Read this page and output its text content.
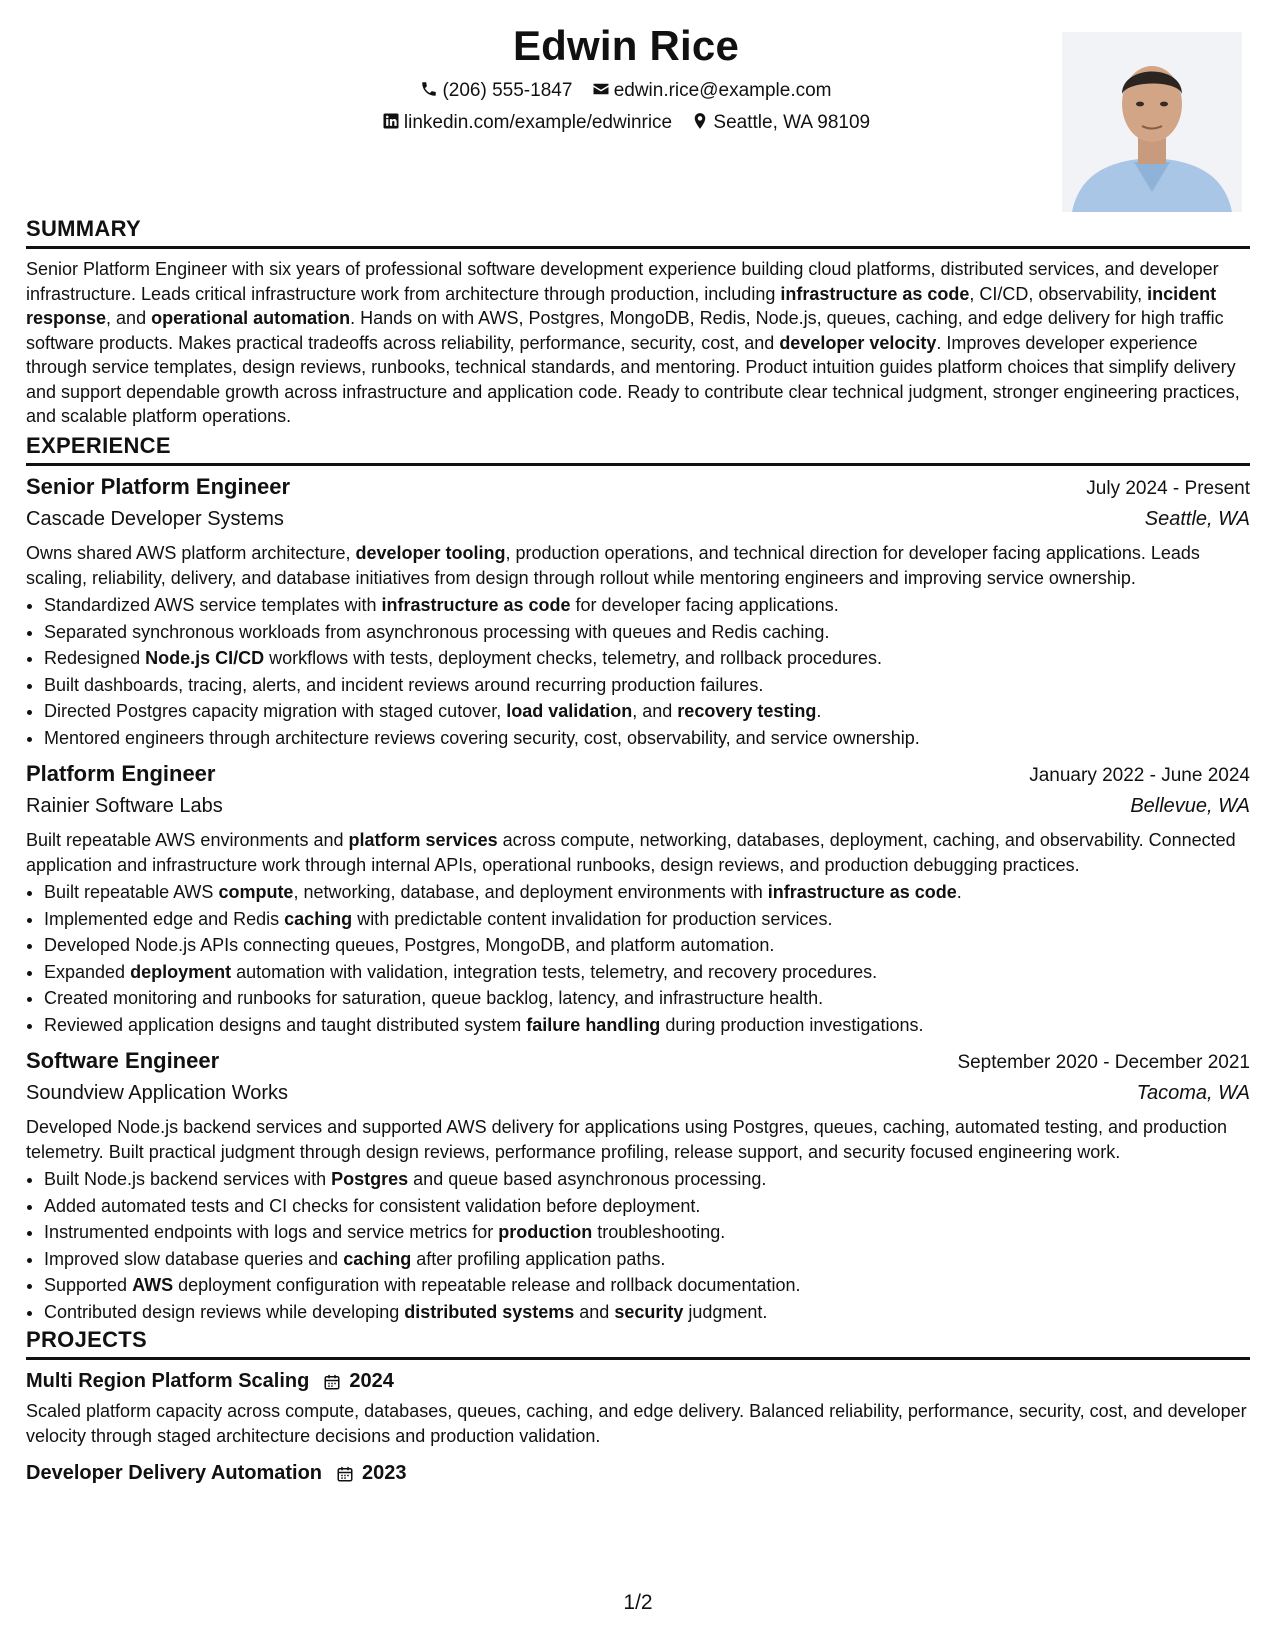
Edwin Rice
(206) 555-1847 edwin.rice@example.com
linkedin.com/example/edwinrice Seattle, WA 98109
SUMMARY

Senior Platform Engineer with six years of professional software development experience building cloud platforms, distributed services, and developer infrastructure. Leads critical infrastructure work from architecture through production, including infrastructure as code, CI/CD, observability, incident response, and operational automation. Hands on with AWS, Postgres, MongoDB, Redis, Node.js, queues, caching, and edge delivery for high traffic software products. Makes practical tradeoffs across reliability, performance, security, cost, and developer velocity. Improves developer experience through service templates, design reviews, runbooks, technical standards, and mentoring. Product intuition guides platform choices that simplify delivery and support dependable growth across infrastructure and application code. Ready to contribute clear technical judgment, stronger engineering practices, and scalable platform operations.

EXPERIENCE
Senior Platform Engineer	July 2024 - Present
Cascade Developer Systems	Seattle, WA

Owns shared AWS platform architecture, developer tooling, production operations, and technical direction for developer facing applications. Leads scaling, reliability, delivery, and database initiatives from design through rollout while mentoring engineers and improving service ownership.

• Standardized AWS service templates with infrastructure as code for developer facing applications.
• Separated synchronous workloads from asynchronous processing with queues and Redis caching.
• Redesigned Node.js CI/CD workflows with tests, deployment checks, telemetry, and rollback procedures.
• Built dashboards, tracing, alerts, and incident reviews around recurring production failures.
• Directed Postgres capacity migration with staged cutover, load validation, and recovery testing.
• Mentored engineers through architecture reviews covering security, cost, observability, and service ownership.
Platform Engineer	January 2022 - June 2024
Rainier Software Labs	Bellevue, WA

Built repeatable AWS environments and platform services across compute, networking, databases, deployment, caching, and observability. Connected application and infrastructure work through internal APIs, operational runbooks, design reviews, and production debugging practices.

• Built repeatable AWS compute, networking, database, and deployment environments with infrastructure as code.
• Implemented edge and Redis caching with predictable content invalidation for production services.
• Developed Node.js APIs connecting queues, Postgres, MongoDB, and platform automation.
• Expanded deployment automation with validation, integration tests, telemetry, and recovery procedures.
• Created monitoring and runbooks for saturation, queue backlog, latency, and infrastructure health.
• Reviewed application designs and taught distributed system failure handling during production investigations.
Software Engineer	September 2020 - December 2021
Soundview Application Works	Tacoma, WA

Developed Node.js backend services and supported AWS delivery for applications using Postgres, queues, caching, automated testing, and production telemetry. Built practical judgment through design reviews, performance profiling, release support, and security focused engineering work.

• Built Node.js backend services with Postgres and queue based asynchronous processing.
• Added automated tests and CI checks for consistent validation before deployment.
• Instrumented endpoints with logs and service metrics for production troubleshooting.
• Improved slow database queries and caching after profiling application paths.
• Supported AWS deployment configuration with repeatable release and rollback documentation.
• Contributed design reviews while developing distributed systems and security judgment.
PROJECTS
Multi Region Platform Scaling 2024

Scaled platform capacity across compute, databases, queues, caching, and edge delivery. Balanced reliability, performance, security, cost, and developer velocity through staged architecture decisions and production validation.

Developer Delivery Automation 2023
1/2
